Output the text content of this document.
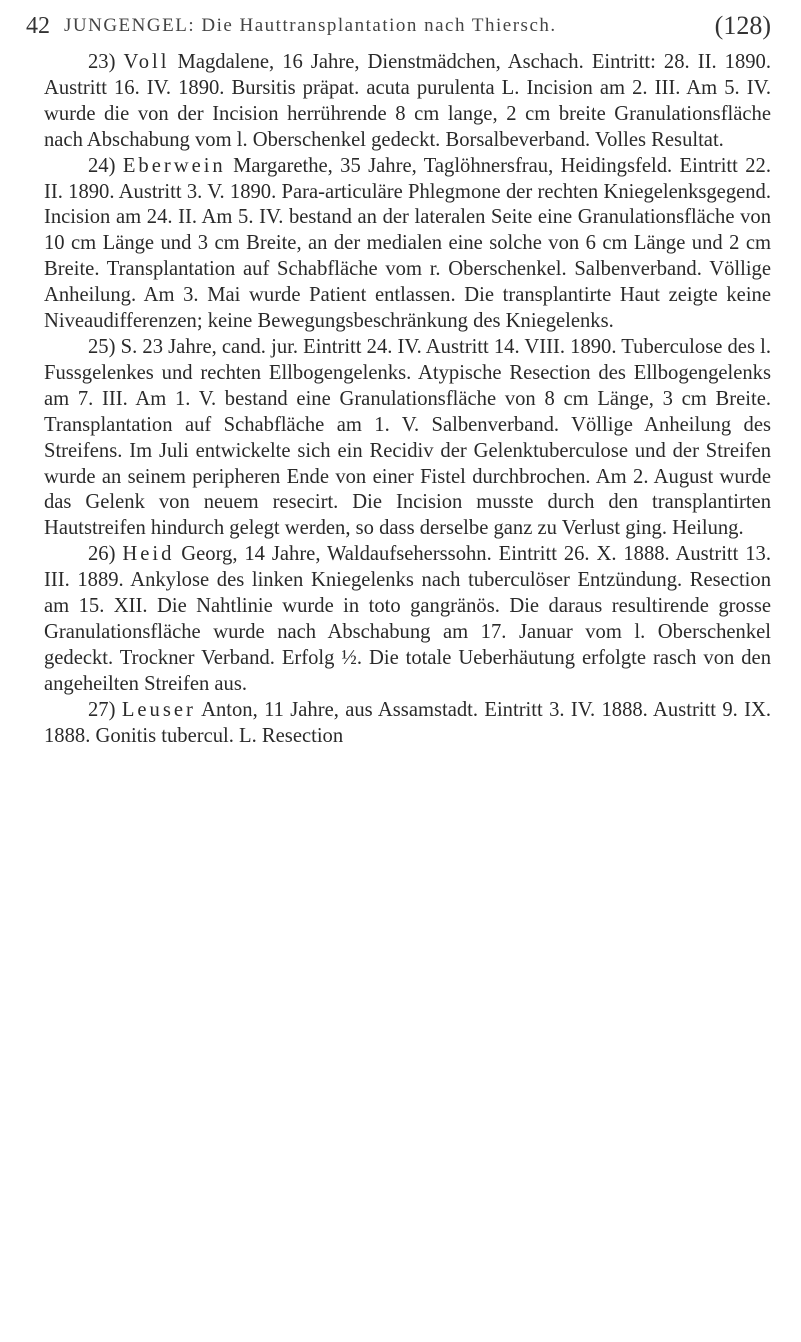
42 JUNGENGEL: Die Hauttransplantation nach Thiersch.	(128)

23) Voll Magdalene, 16 Jahre, Dienstmädchen, Aschach. Eintritt: 28. II. 1890. Austritt 16. IV. 1890. Bursitis präpat. acuta purulenta L. Incision am 2. III. Am 5. IV. wurde die von der Incision herrührende 8 cm lange, 2 cm breite Granulationsfläche nach Abschabung vom l. Oberschenkel gedeckt. Borsalbeverband. Volles Resultat.

24) Eberwein Margarethe, 35 Jahre, Taglöhnersfrau, Heidingsfeld. Eintritt 22. II. 1890. Austritt 3. V. 1890. Para-articuläre Phlegmone der rechten Kniegelenksgegend. Incision am 24. II. Am 5. IV. bestand an der lateralen Seite eine Granulationsfläche von 10 cm Länge und 3 cm Breite, an der medialen eine solche von 6 cm Länge und 2 cm Breite. Transplantation auf Schabfläche vom r. Oberschenkel. Salbenverband. Völlige Anheilung. Am 3. Mai wurde Patient entlassen. Die transplantirte Haut zeigte keine Niveaudifferenzen; keine Bewegungsbeschränkung des Kniegelenks.

25) S. 23 Jahre, cand. jur. Eintritt 24. IV. Austritt 14. VIII. 1890. Tuberculose des l. Fussgelenkes und rechten Ellbogengelenks. Atypische Resection des Ellbogengelenks am 7. III. Am 1. V. bestand eine Granulationsfläche von 8 cm Länge, 3 cm Breite. Transplantation auf Schabfläche am 1. V. Salbenverband. Völlige Anheilung des Streifens. Im Juli entwickelte sich ein Recidiv der Gelenktuberculose und der Streifen wurde an seinem peripheren Ende von einer Fistel durchbrochen. Am 2. August wurde das Gelenk von neuem resecirt. Die Incision musste durch den transplantirten Hautstreifen hindurch gelegt werden, so dass derselbe ganz zu Verlust ging. Heilung.

26) Heid Georg, 14 Jahre, Waldaufseherssohn. Eintritt 26. X. 1888. Austritt 13. III. 1889. Ankylose des linken Kniegelenks nach tuberculöser Entzündung. Resection am 15. XII. Die Nahtlinie wurde in toto gangränös. Die daraus resultirende grosse Granulationsfläche wurde nach Abschabung am 17. Januar vom l. Oberschenkel gedeckt. Trockner Verband. Erfolg ½. Die totale Ueberhäutung erfolgte rasch von den angeheilten Streifen aus.

27) Leuser Anton, 11 Jahre, aus Assamstadt. Eintritt 3. IV. 1888. Austritt 9. IX. 1888. Gonitis tubercul. L. Resection
